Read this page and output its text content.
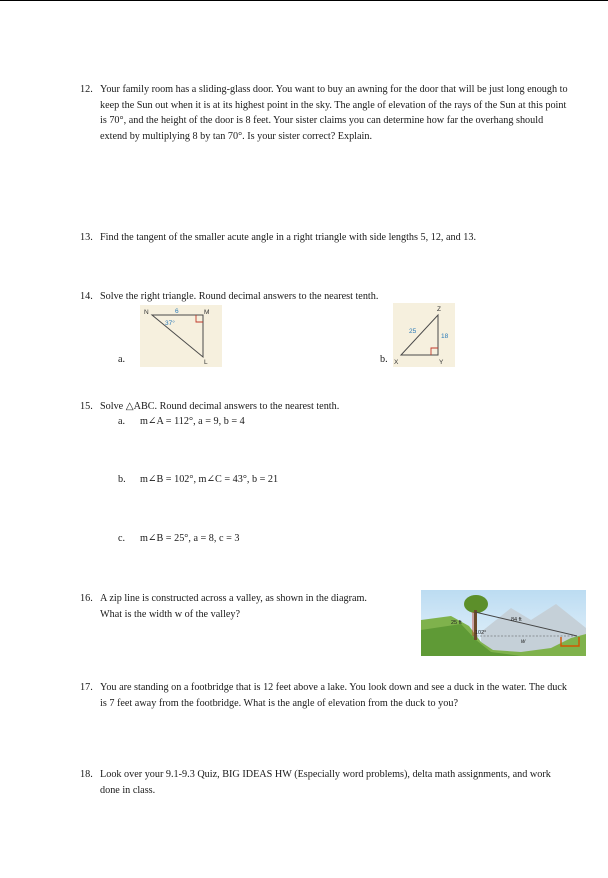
12. Your family room has a sliding-glass door. You want to buy an awning for the door that will be just long enough to keep the Sun out when it is at its highest point in the sky. The angle of elevation of the rays of the Sun at this point is 70°, and the height of the door is 8 feet. Your sister claims you can determine how far the overhang should extend by multiplying 8 by tan 70°. Is your sister correct? Explain.
13. Find the tangent of the smaller acute angle in a right triangle with side lengths 5, 12, and 13.
14. Solve the right triangle. Round decimal answers to the nearest tenth.
a.
N	M
L
6
37°
b. X	Y
Z
25
18
15. Solve △ABC. Round decimal answers to the nearest tenth.
a. m∠A = 112°, a = 9, b = 4
b. m∠B = 102°, m∠C = 43°, b = 21
c. m∠B = 25°, a = 8, c = 3
16. A zip line is constructed across a valley, as shown in the diagram.
What is the width w of the valley?
25 ft	84 ft
102°
w
17. You are standing on a footbridge that is 12 feet above a lake. You look down and see a duck in the water. The duck is 7 feet away from the footbridge. What is the angle of elevation from the duck to you?
18. Look over your 9.1-9.3 Quiz, BIG IDEAS HW (Especially word problems), delta math assignments, and work done in class.
